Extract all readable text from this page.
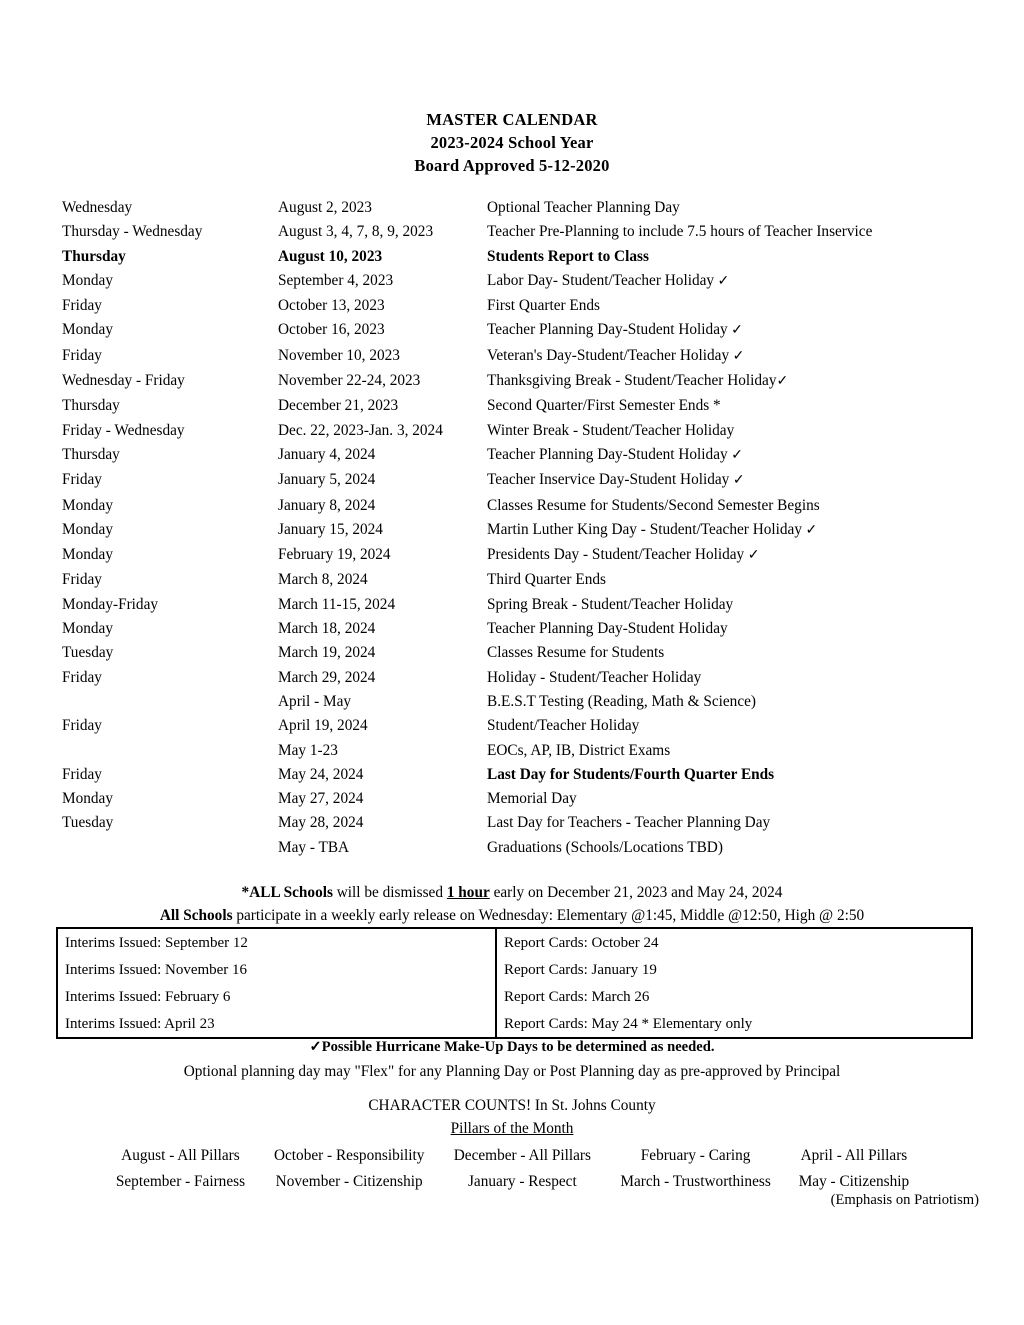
MASTER CALENDAR
2023-2024 School Year
Board Approved 5-12-2020
Wednesday	August 2, 2023	Optional Teacher Planning Day
Thursday - Wednesday	August 3, 4, 7, 8, 9, 2023	Teacher Pre-Planning to include 7.5 hours of Teacher Inservice
Thursday	August 10, 2023	Students Report to Class
Monday	September 4, 2023	Labor Day- Student/Teacher Holiday ✓
Friday	October 13, 2023	First Quarter Ends
Monday	October 16, 2023	Teacher Planning Day-Student Holiday ✓
Friday	November 10, 2023	Veteran's Day-Student/Teacher Holiday ✓
Wednesday - Friday	November 22-24, 2023	Thanksgiving Break - Student/Teacher Holiday✓
Thursday	December 21, 2023	Second Quarter/First Semester Ends *
Friday - Wednesday	Dec. 22, 2023-Jan. 3, 2024	Winter Break - Student/Teacher Holiday
Thursday	January 4, 2024	Teacher Planning Day-Student Holiday ✓
Friday	January 5, 2024	Teacher Inservice Day-Student Holiday ✓
Monday	January 8, 2024	Classes Resume for Students/Second Semester Begins
Monday	January 15, 2024	Martin Luther King Day - Student/Teacher Holiday ✓
Monday	February 19, 2024	Presidents Day - Student/Teacher Holiday ✓
Friday	March 8, 2024	Third Quarter Ends
Monday-Friday	March 11-15, 2024	Spring Break - Student/Teacher Holiday
Monday	March 18, 2024	Teacher Planning Day-Student Holiday
Tuesday	March 19, 2024	Classes Resume for Students
Friday	March 29, 2024	Holiday - Student/Teacher Holiday
	April - May	B.E.S.T Testing (Reading, Math & Science)
Friday	April 19, 2024	Student/Teacher Holiday
	May 1-23	EOCs, AP, IB, District Exams
Friday	May 24, 2024	Last Day for Students/Fourth Quarter Ends
Monday	May 27, 2024	Memorial Day
Tuesday	May 28, 2024	Last Day for Teachers - Teacher Planning Day
	May - TBA	Graduations (Schools/Locations TBD)
*ALL Schools will be dismissed 1 hour early on December 21, 2023 and May 24, 2024
All Schools participate in a weekly early release on Wednesday: Elementary @1:45, Middle @12:50, High @ 2:50
Interims Issued: September 12	Report Cards: October 24
Interims Issued: November 16	Report Cards: January 19
Interims Issued: February 6	Report Cards: March 26
Interims Issued: April 23	Report Cards: May 24 * Elementary only
✓Possible Hurricane Make-Up Days to be determined as needed.
Optional planning day may "Flex" for any Planning Day or Post Planning day as pre-approved by Principal
CHARACTER COUNTS! In St. Johns County
Pillars of the Month
August - All Pillars	October - Responsibility	December - All Pillars	February - Caring	April - All Pillars
September - Fairness	November - Citizenship	January - Respect	March - Trustworthiness	May - Citizenship
(Emphasis on Patriotism)
